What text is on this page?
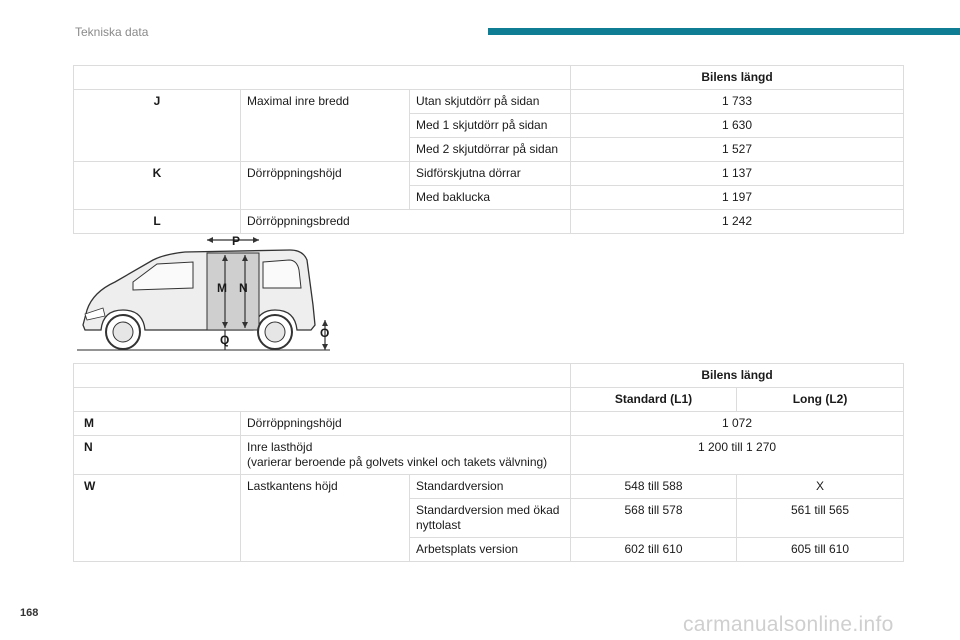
Tekniska data
			Bilens längd
J	Maximal inre bredd	Utan skjutdörr på sidan	1 733
		Med 1 skjutdörr på sidan	1 630
		Med 2 skjutdörrar på sidan	1 527
K	Dörröppningshöjd	Sidförskjutna dörrar	1 137
		Med baklucka	1 197
L	Dörröppningsbredd		1 242
P
M N
Q	O
			Bilens längd	
			Standard (L1)	Long (L2)
M	Dörröppningshöjd		1 072	
N	Inre lasthöjd
(varierar beroende på golvets vinkel och takets välvning)		1 200 till 1 270	
W	Lastkantens höjd	Standardversion	548 till 588	X
		Standardversion med ökad nyttolast	568 till 578	561 till 565
		Arbetsplats version	602 till 610	605 till 610
168	carmanualsonline.info
